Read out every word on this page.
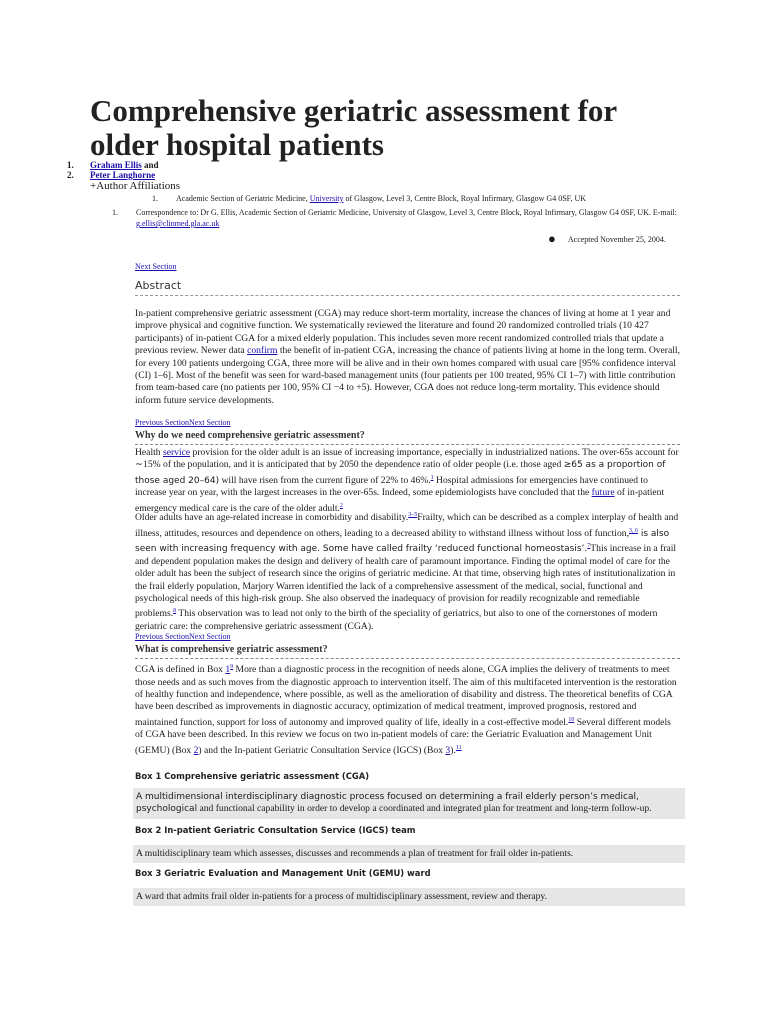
Comprehensive geriatric assessment for older hospital patients
1.	Graham Ellis and
2.	Peter Langhorne
+Author Affiliations
1. Academic Section of Geriatric Medicine, University of Glasgow, Level 3, Centre Block, Royal Infirmary, Glasgow G4 0SF, UK
1.	Correspondence to: Dr G. Ellis, Academic Section of Geriatric Medicine, University of Glasgow, Level 3, Centre Block, Royal Infirmary, Glasgow G4 0SF, UK. E-mail: g.ellis@clinmed.gla.ac.uk
● Accepted November 25, 2004.
Next Section
Abstract

In-patient comprehensive geriatric assessment (CGA) may reduce short-term mortality, increase the chances of living at home at 1 year and improve physical and cognitive function. We systematically reviewed the literature and found 20 randomized controlled trials (10 427 participants) of in-patient CGA for a mixed elderly population. This includes seven more recent randomized controlled trials that update a previous review. Newer data confirm the benefit of in-patient CGA, increasing the chance of patients living at home in the long term. Overall, for every 100 patients undergoing CGA, three more will be alive and in their own homes compared with usual care [95% confidence interval (CI) 1–6]. Most of the benefit was seen for ward-based management units (four patients per 100 treated, 95% CI 1–7) with little contribution from team-based care (no patients per 100, 95% CI −4 to +5). However, CGA does not reduce long-term mortality. This evidence should inform future service developments.

Previous SectionNext Section
Why do we need comprehensive geriatric assessment?

Health service provision for the older adult is an issue of increasing importance, especially in industrialized nations. The over-65s account for ∼15% of the population, and it is anticipated that by 2050 the dependence ratio of older people (i.e. those aged ≥65 as a proportion of those aged 20–64) will have risen from the current figure of 22% to 46%.$^1$ Hospital admissions for emergencies have continued to increase year on year, with the largest increases in the over-65s. Indeed, some epidemiologists have concluded that the future of in-patient emergency medical care is the care of the older adult.$^2$

Older adults have an age-related increase in comorbidity and disability.$^{3-5}$Frailty, which can be described as a complex interplay of health and illness, attitudes, resources and dependence on others, leading to a decreased ability to withstand illness without loss of function,$^{3, 6}$ is also seen with increasing frequency with age. Some have called frailty ‘reduced functional homeostasis’.$^7$This increase in a frail and dependent population makes the design and delivery of health care of paramount importance. Finding the optimal model of care for the older adult has been the subject of research since the origins of geriatric medicine. At that time, observing high rates of institutionalization in the frail elderly population, Marjory Warren identified the lack of a comprehensive assessment of the medical, social, functional and psychological needs of this high-risk group. She also observed the inadequacy of provision for readily recognizable and remediable problems.$^8$ This observation was to lead not only to the birth of the speciality of geriatrics, but also to one of the cornerstones of modern geriatric care: the comprehensive geriatric assessment (CGA).

Previous SectionNext Section
What is comprehensive geriatric assessment?

CGA is defined in Box $1^9$ More than a diagnostic process in the recognition of needs alone, CGA implies the delivery of treatments to meet those needs and as such moves from the diagnostic approach to intervention itself. The aim of this multifaceted intervention is the restoration of healthy function and independence, where possible, as well as the amelioration of disability and distress. The theoretical benefits of CGA have been described as improvements in diagnostic accuracy, optimization of medical treatment, improved prognosis, restored and maintained function, support for loss of autonomy and improved quality of life, ideally in a cost-effective model.$^{10}$ Several different models of CGA have been described. In this review we focus on two in-patient models of care: the Geriatric Evaluation and Management Unit (GEMU) (Box 2) and the In-patient Geriatric Consultation Service (IGCS) (Box 3).$^{11}$

Box 1 Comprehensive geriatric assessment (CGA)
A multidimensional interdisciplinary diagnostic process focused on determining a frail elderly person’s medical, psychological and functional capability in order to develop a coordinated and integrated plan for treatment and long-term follow-up.
Box 2 In-patient Geriatric Consultation Service (IGCS) team
A multidisciplinary team which assesses, discusses and recommends a plan of treatment for frail older in-patients.
Box 3 Geriatric Evaluation and Management Unit (GEMU) ward
A ward that admits frail older in-patients for a process of multidisciplinary assessment, review and therapy.
